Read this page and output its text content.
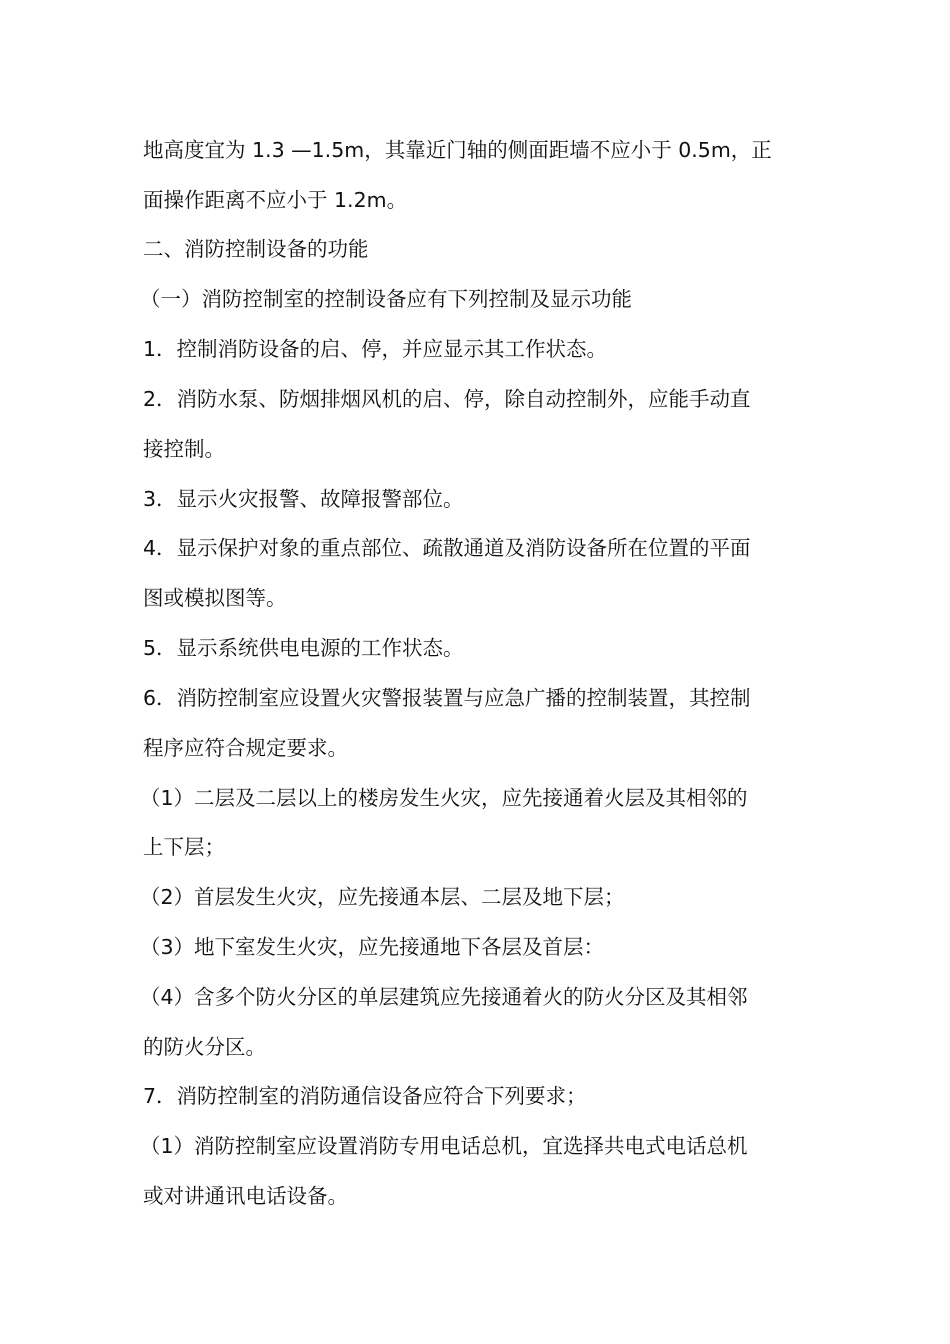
地高度宜为 1.3 —1.5m，其靠近门轴的侧面距墙不应小于 0.5m，正
面操作距离不应小于 1.2m。
二、消防控制设备的功能
（一）消防控制室的控制设备应有下列控制及显示功能
1．控制消防设备的启、停，并应显示其工作状态。
2．消防水泵、防烟排烟风机的启、停，除自动控制外，应能手动直
接控制。
3．显示火灾报警、故障报警部位。
4．显示保护对象的重点部位、疏散通道及消防设备所在位置的平面
图或模拟图等。
5．显示系统供电电源的工作状态。
6．消防控制室应设置火灾警报装置与应急广播的控制装置，其控制
程序应符合规定要求。
（1）二层及二层以上的楼房发生火灾，应先接通着火层及其相邻的
上下层；
（2）首层发生火灾，应先接通本层、二层及地下层；
（3）地下室发生火灾，应先接通地下各层及首层：
（4）含多个防火分区的单层建筑应先接通着火的防火分区及其相邻
的防火分区。
7．消防控制室的消防通信设备应符合下列要求；
（1）消防控制室应设置消防专用电话总机，宜选择共电式电话总机
或对讲通讯电话设备。
